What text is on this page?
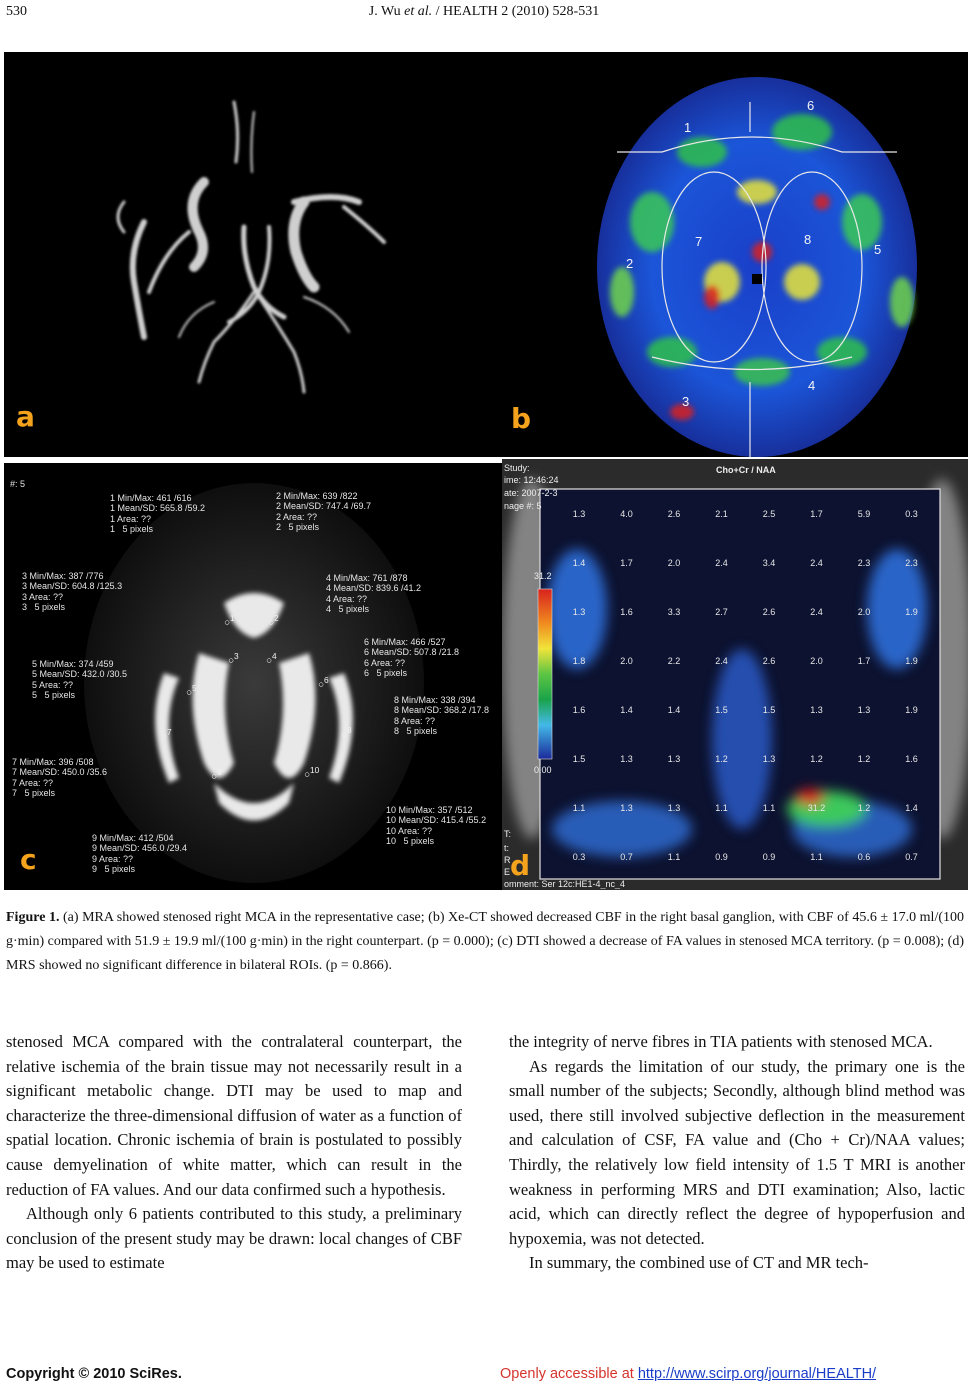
530	J. Wu et al. / HEALTH 2 (2010) 528-531
a
1
2
3
4
5
6
7	8
b
#: 5
1 Min/Max: 461 /616
1 Mean/SD: 565.8 /59.2
1 Area: ??
1   5 pixels
2 Min/Max: 639 /822
2 Mean/SD: 747.4 /69.7
2 Area: ??
2   5 pixels
3 Min/Max: 387 /776
3 Mean/SD: 604.8 /125.3
3 Area: ??
3   5 pixels
4 Min/Max: 761 /878
4 Mean/SD: 839.6 /41.2
4 Area: ??
4   5 pixels
5 Min/Max: 374 /459
5 Mean/SD: 432.0 /30.5
5 Area: ??
5   5 pixels
6 Min/Max: 466 /527
6 Mean/SD: 507.8 /21.8
6 Area: ??
6   5 pixels
7 Min/Max: 396 /508
7 Mean/SD: 450.0 /35.6
7 Area: ??
7   5 pixels
8 Min/Max: 338 /394
8 Mean/SD: 368.2 /17.8
8 Area: ??
8   5 pixels
9 Min/Max: 412 /504
9 Mean/SD: 456.0 /29.4
9 Area: ??
9   5 pixels
10 Min/Max: 357 /512
10 Mean/SD: 415.4 /55.2
10 Area: ??
10   5 pixels
○$^1$	○$^2$
○$^3$	○$^4$
○$^5$	○$^6$
○$^7$	○$^8$
○$^9$	○$^{10}$
c
Study:
ime: 12:46:24
ate: 2007-2-3
nage #: 5
Cho+Cr / NAA
31.2
0.00
T:
t:
R
E
omment: Ser 12c:HE1-4_nc_4
1.3	4.0	2.6	2.1	2.5	1.7	5.9	0.3
1.4	1.7	2.0	2.4	3.4	2.4	2.3	2.3
1.3	1.6	3.3	2.7	2.6	2.4	2.0	1.9
1.8	2.0	2.2	2.4	2.6	2.0	1.7	1.9
1.6	1.4	1.4	1.5	1.5	1.3	1.3	1.9
1.5	1.3	1.3	1.2	1.3	1.2	1.2	1.6
1.1	1.3	1.3	1.1	1.1	31.2	1.2	1.4
0.3	0.7	1.1	0.9	0.9	1.1	0.6	0.7
d
Figure 1. (a) MRA showed stenosed right MCA in the representative case; (b) Xe-CT showed decreased CBF in the right basal ganglion, with CBF of 45.6 ± 17.0 ml/(100 g·min) compared with 51.9 ± 19.9 ml/(100 g·min) in the right counterpart. (p = 0.000); (c) DTI showed a decrease of FA values in stenosed MCA territory. (p = 0.008); (d) MRS showed no significant difference in bilateral ROIs. (p = 0.866).

stenosed MCA compared with the contralateral counterpart, the relative ischemia of the brain tissue may not necessarily result in a significant metabolic change. DTI may be used to map and characterize the three-dimensional diffusion of water as a function of spatial location. Chronic ischemia of brain is postulated to possibly cause demyelination of white matter, which can result in the reduction of FA values. And our data confirmed such a hypothesis.

Although only 6 patients contributed to this study, a preliminary conclusion of the present study may be drawn: local changes of CBF may be used to estimate

the integrity of nerve fibres in TIA patients with stenosed MCA.

As regards the limitation of our study, the primary one is the small number of the subjects; Secondly, although blind method was used, there still involved subjective deflection in the measurement and calculation of CSF, FA value and (Cho + Cr)/NAA values; Thirdly, the relatively low field intensity of 1.5 T MRI is another weakness in performing MRS and DTI examination; Also, lactic acid, which can directly reflect the degree of hypoperfusion and hypoxemia, was not detected.

In summary, the combined use of CT and MR tech-

Copyright © 2010 SciRes.	Openly accessible at http://www.scirp.org/journal/HEALTH/
